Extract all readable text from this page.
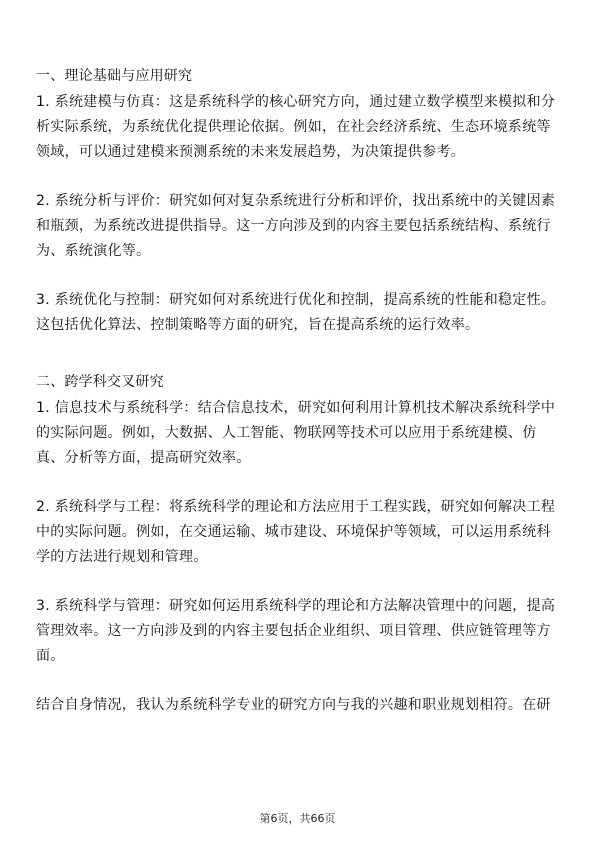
一、理论基础与应用研究

1. 系统建模与仿真：这是系统科学的核心研究方向，通过建立数学模型来模拟和分析实际系统，为系统优化提供理论依据。例如，在社会经济系统、生态环境系统等领域，可以通过建模来预测系统的未来发展趋势，为决策提供参考。

2. 系统分析与评价：研究如何对复杂系统进行分析和评价，找出系统中的关键因素和瓶颈，为系统改进提供指导。这一方向涉及到的内容主要包括系统结构、系统行为、系统演化等。

3. 系统优化与控制：研究如何对系统进行优化和控制，提高系统的性能和稳定性。这包括优化算法、控制策略等方面的研究，旨在提高系统的运行效率。

二、跨学科交叉研究

1. 信息技术与系统科学：结合信息技术，研究如何利用计算机技术解决系统科学中的实际问题。例如，大数据、人工智能、物联网等技术可以应用于系统建模、仿真、分析等方面，提高研究效率。

2. 系统科学与工程：将系统科学的理论和方法应用于工程实践，研究如何解决工程中的实际问题。例如，在交通运输、城市建设、环境保护等领域，可以运用系统科学的方法进行规划和管理。

3. 系统科学与管理：研究如何运用系统科学的理论和方法解决管理中的问题，提高管理效率。这一方向涉及到的内容主要包括企业组织、项目管理、供应链管理等方面。

结合自身情况，我认为系统科学专业的研究方向与我的兴趣和职业规划相符。在研

第6页，共66页
